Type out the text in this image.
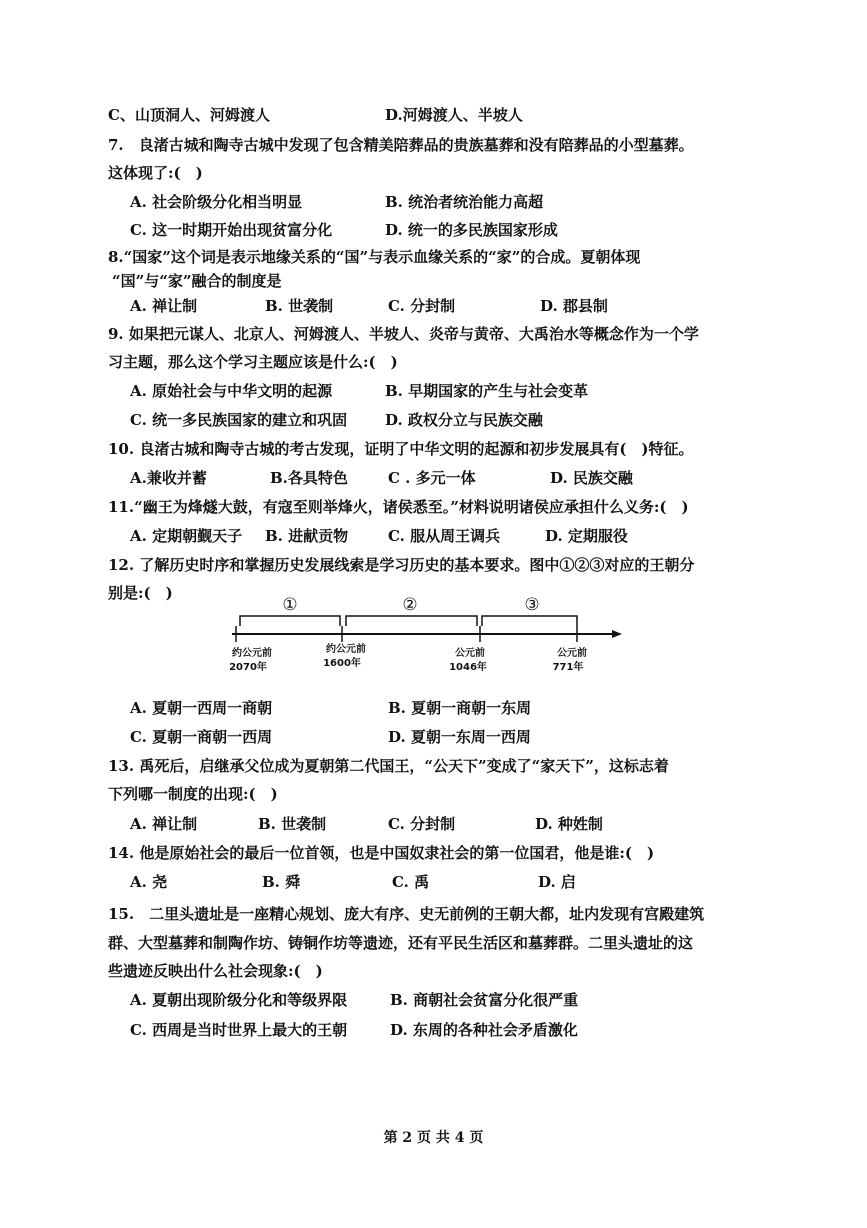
C、山顶洞人、河姆渡人	D.河姆渡人、半坡人
7.　良渚古城和陶寺古城中发现了包含精美陪葬品的贵族墓葬和没有陪葬品的小型墓葬。
这体现了:(　)
A. 社会阶级分化相当明显	B. 统治者统治能力高超
C. 这一时期开始出现贫富分化	D. 统一的多民族国家形成
8.“国家”这个词是表示地缘关系的“国”与表示血缘关系的“家”的合成。夏朝体现
“国”与“家”融合的制度是
A. 禅让制	B. 世袭制	C. 分封制	D. 郡县制
9. 如果把元谋人、北京人、河姆渡人、半坡人、炎帝与黄帝、大禹治水等概念作为一个学
习主题，那么这个学习主题应该是什么:(　)
A. 原始社会与中华文明的起源	B. 早期国家的产生与社会变革
C. 统一多民族国家的建立和巩固	D. 政权分立与民族交融
10. 良渚古城和陶寺古城的考古发现，证明了中华文明的起源和初步发展具有(　)特征。
A.兼收并蓄	B.各具特色	C . 多元一体	D. 民族交融
11.“幽王为烽燧大鼓，有寇至则举烽火，诸侯悉至。”材料说明诸侯应承担什么义务:(　)
A. 定期朝觐天子 B. 进献贡物	C. 服从周王调兵	D. 定期服役
12. 了解历史时序和掌握历史发展线索是学习历史的基本要求。图中①②③对应的王朝分
别是:(　)
①	②	③
约公元前
2070年
约公元前
1600年
公元前
1046年
公元前
771年
A. 夏朝一西周一商朝	B. 夏朝一商朝一东周
C. 夏朝一商朝一西周	D. 夏朝一东周一西周
13. 禹死后，启继承父位成为夏朝第二代国王，“公天下”变成了“家天下”，这标志着
下列哪一制度的出现:(　)
A. 禅让制	B. 世袭制	C. 分封制	D. 种姓制
14. 他是原始社会的最后一位首领，也是中国奴隶社会的第一位国君，他是谁:(　)
A. 尧	B. 舜	C. 禹	D. 启
15.　二里头遗址是一座精心规划、庞大有序、史无前例的王朝大都，址内发现有宫殿建筑
群、大型墓葬和制陶作坊、铸铜作坊等遗迹，还有平民生活区和墓葬群。二里头遗址的这
些遗迹反映出什么社会现象:(　)
A. 夏朝出现阶级分化和等级界限	B. 商朝社会贫富分化很严重
C. 西周是当时世界上最大的王朝	D. 东周的各种社会矛盾激化
第 2 页 共 4 页
